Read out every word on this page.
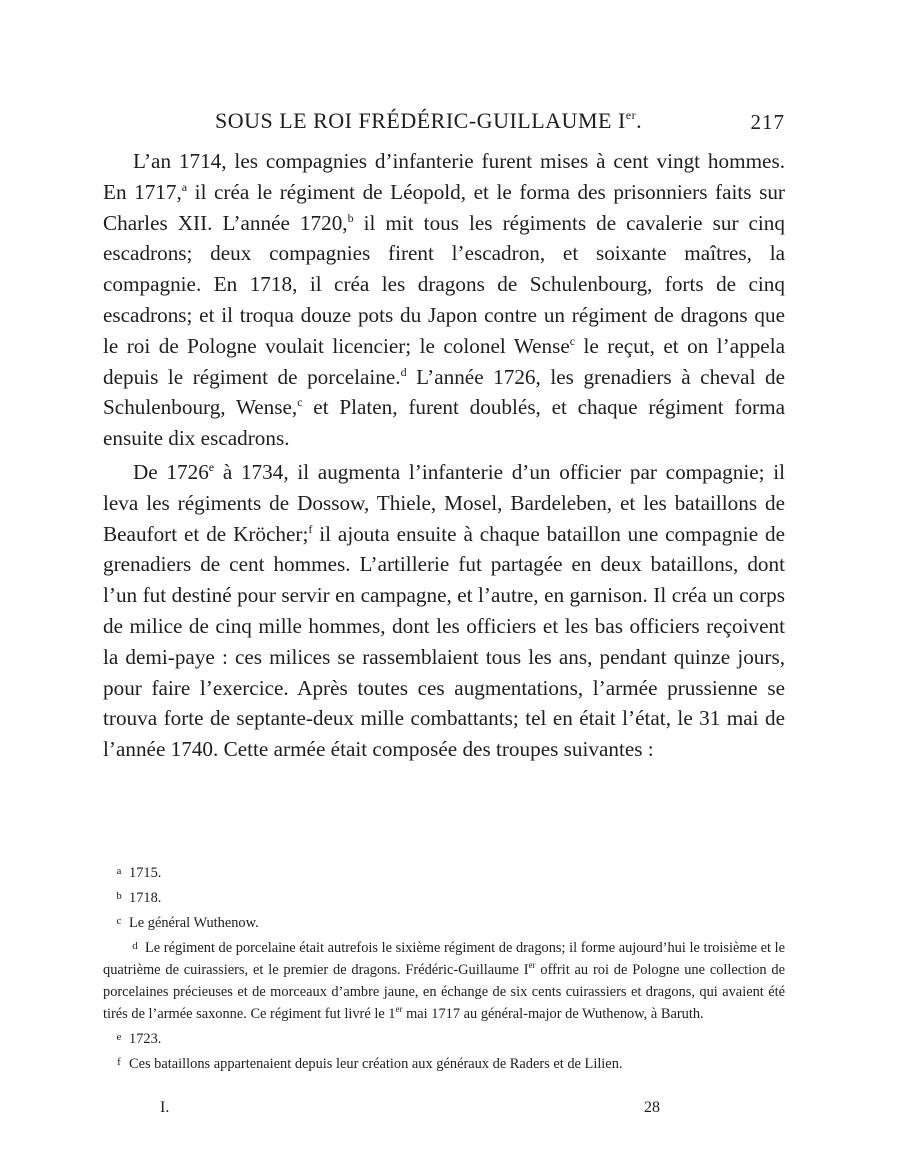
SOUS LE ROI FRÉDÉRIC-GUILLAUME Ier.	217

L’an 1714, les compagnies d’infanterie furent mises à cent vingt hommes. En 1717,$^a$ il créa le régiment de Léopold, et le forma des prisonniers faits sur Charles XII. L’année 1720,$^b$ il mit tous les régiments de cavalerie sur cinq escadrons; deux compagnies firent l’escadron, et soixante maîtres, la compagnie. En 1718, il créa les dragons de Schulenbourg, forts de cinq escadrons; et il troqua douze pots du Japon contre un régiment de dragons que le roi de Pologne voulait licencier; le colonel Wense$^c$ le reçut, et on l’appela depuis le régiment de porcelaine.$^d$ L’année 1726, les grenadiers à cheval de Schulenbourg, Wense,$^c$ et Platen, furent doublés, et chaque régiment forma ensuite dix escadrons.

De 1726e à 1734, il augmenta l’infanterie d’un officier par compagnie; il leva les régiments de Dossow, Thiele, Mosel, Bardeleben, et les bataillons de Beaufort et de Kröcher;$^f$ il ajouta ensuite à chaque bataillon une compagnie de grenadiers de cent hommes. L’artillerie fut partagée en deux bataillons, dont l’un fut destiné pour servir en campagne, et l’autre, en garnison. Il créa un corps de milice de cinq mille hommes, dont les officiers et les bas officiers reçoivent la demi-paye : ces milices se rassemblaient tous les ans, pendant quinze jours, pour faire l’exercice. Après toutes ces augmentations, l’armée prussienne se trouva forte de septante-deux mille combattants; tel en était l’état, le 31 mai de l’année 1740. Cette armée était composée des troupes suivantes :

a 1715.
b 1718.
c Le général Wuthenow.
d Le régiment de porcelaine était autrefois le sixième régiment de dragons; il forme aujourd’hui le troisième et le quatrième de cuirassiers, et le premier de dragons. Frédéric-Guillaume Ier offrit au roi de Pologne une collection de porcelaines précieuses et de morceaux d’ambre jaune, en échange de six cents cuirassiers et dragons, qui avaient été tirés de l’armée saxonne. Ce régiment fut livré le 1er mai 1717 au général-major de Wuthenow, à Baruth.
e 1723.
f Ces bataillons appartenaient depuis leur création aux généraux de Raders et de Lilien.
I.	28
